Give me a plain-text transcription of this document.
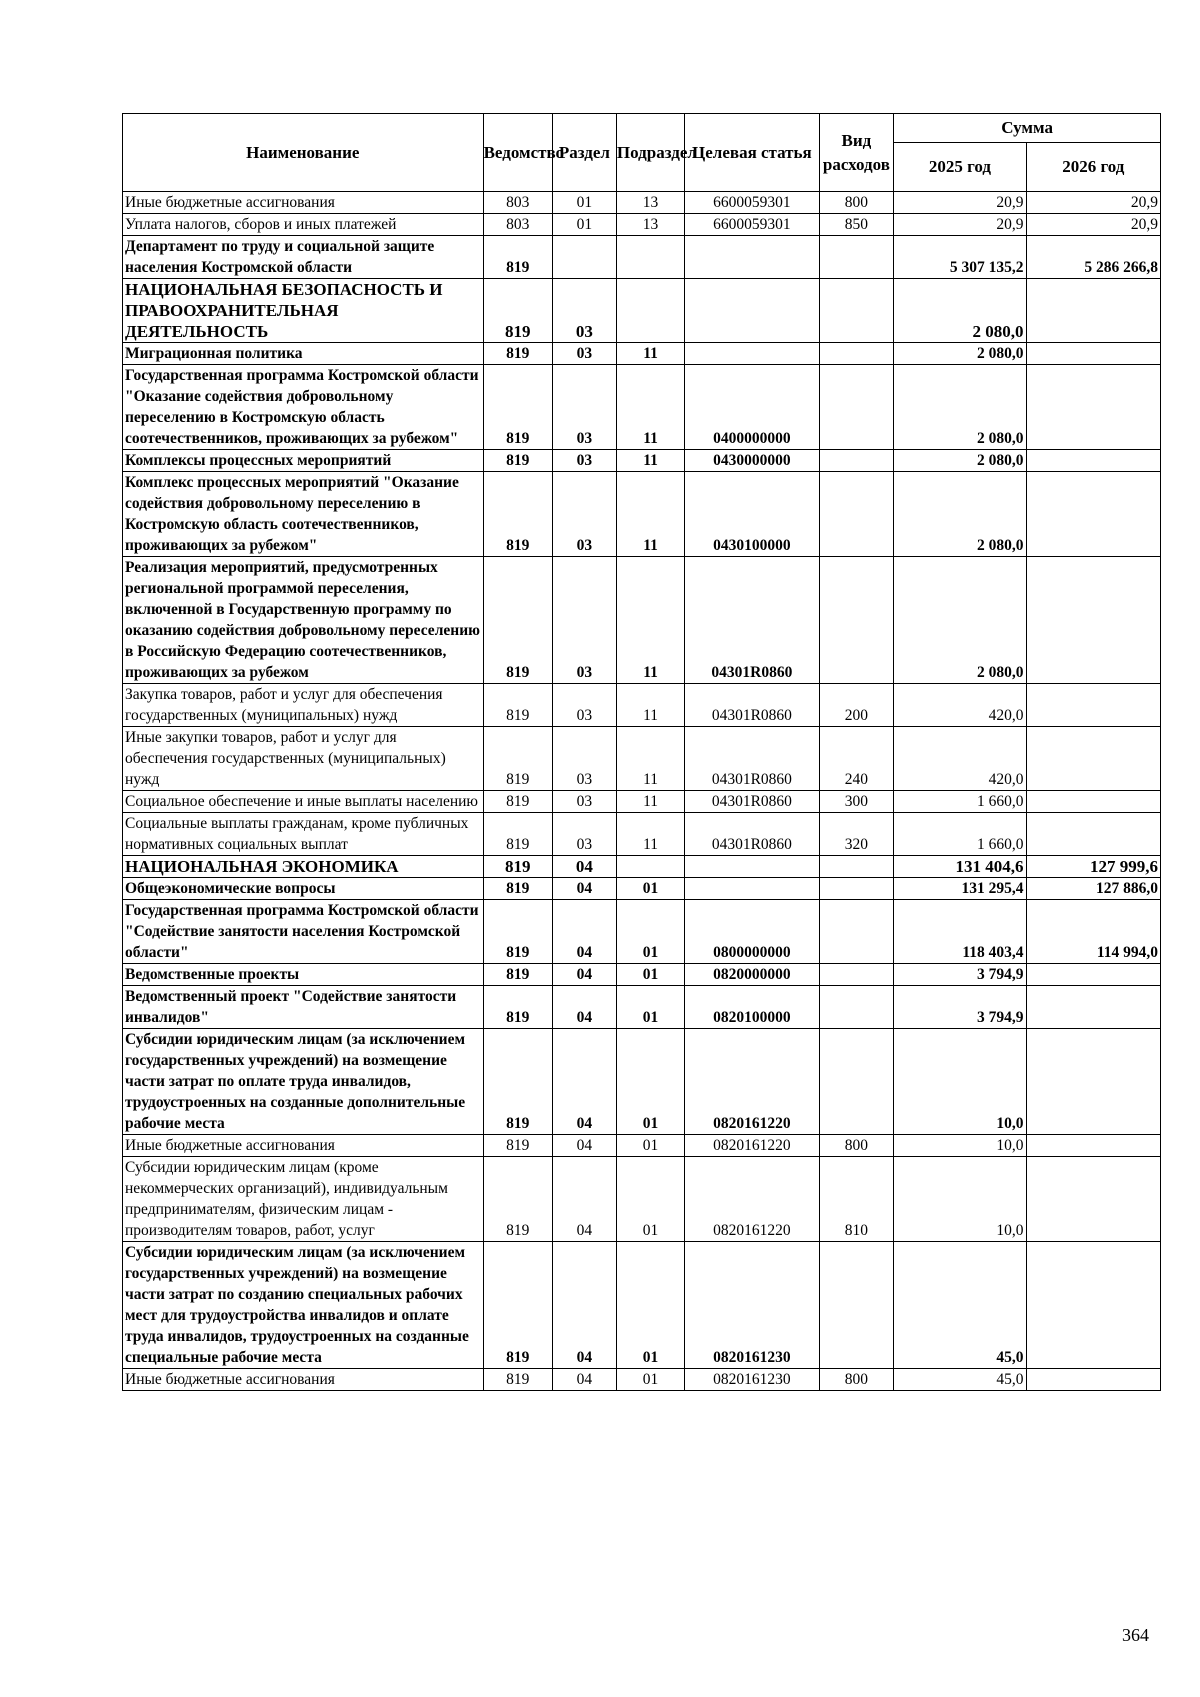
Наименование	Ведомство	Раздел	Подраздел	Целевая статья	Вид расходов	Сумма	
						2025 год	2026 год
Иные бюджетные ассигнования	803	01	13	6600059301	800	20,9	20,9
Уплата налогов, сборов и иных платежей	803	01	13	6600059301	850	20,9	20,9
Департамент по труду и социальной защите населения Костромской области	819					5 307 135,2	5 286 266,8
НАЦИОНАЛЬНАЯ БЕЗОПАСНОСТЬ И ПРАВООХРАНИТЕЛЬНАЯ ДЕЯТЕЛЬНОСТЬ	819	03				2 080,0	
Миграционная политика	819	03	11			2 080,0	
Государственная программа Костромской области "Оказание содействия добровольному переселению в Костромскую область соотечественников, проживающих за рубежом"	819	03	11	0400000000		2 080,0	
Комплексы процессных мероприятий	819	03	11	0430000000		2 080,0	
Комплекс процессных мероприятий "Оказание содействия добровольному переселению в Костромскую область соотечественников, проживающих за рубежом"	819	03	11	0430100000		2 080,0	
Реализация мероприятий, предусмотренных региональной программой переселения, включенной в Государственную программу по оказанию содействия добровольному переселению в Российскую Федерацию соотечественников, проживающих за рубежом	819	03	11	04301R0860		2 080,0	
Закупка товаров, работ и услуг для обеспечения государственных (муниципальных) нужд	819	03	11	04301R0860	200	420,0	
Иные закупки товаров, работ и услуг для обеспечения государственных (муниципальных) нужд	819	03	11	04301R0860	240	420,0	
Социальное обеспечение и иные выплаты населению	819	03	11	04301R0860	300	1 660,0	
Социальные выплаты гражданам, кроме публичных нормативных социальных выплат	819	03	11	04301R0860	320	1 660,0	
НАЦИОНАЛЬНАЯ ЭКОНОМИКА	819	04				131 404,6	127 999,6
Общеэкономические вопросы	819	04	01			131 295,4	127 886,0
Государственная программа Костромской области "Содействие занятости населения Костромской области"	819	04	01	0800000000		118 403,4	114 994,0
Ведомственные проекты	819	04	01	0820000000		3 794,9	
Ведомственный проект "Содействие занятости инвалидов"	819	04	01	0820100000		3 794,9	
Субсидии юридическим лицам (за исключением государственных учреждений) на возмещение части затрат по оплате труда инвалидов, трудоустроенных на созданные дополнительные рабочие места	819	04	01	0820161220		10,0	
Иные бюджетные ассигнования	819	04	01	0820161220	800	10,0	
Субсидии юридическим лицам (кроме некоммерческих организаций), индивидуальным предпринимателям, физическим лицам - производителям товаров, работ, услуг	819	04	01	0820161220	810	10,0	
Субсидии юридическим лицам (за исключением государственных учреждений) на возмещение части затрат по созданию специальных рабочих мест для трудоустройства инвалидов и оплате труда инвалидов, трудоустроенных на созданные специальные рабочие места	819	04	01	0820161230		45,0	
Иные бюджетные ассигнования	819	04	01	0820161230	800	45,0	
364
